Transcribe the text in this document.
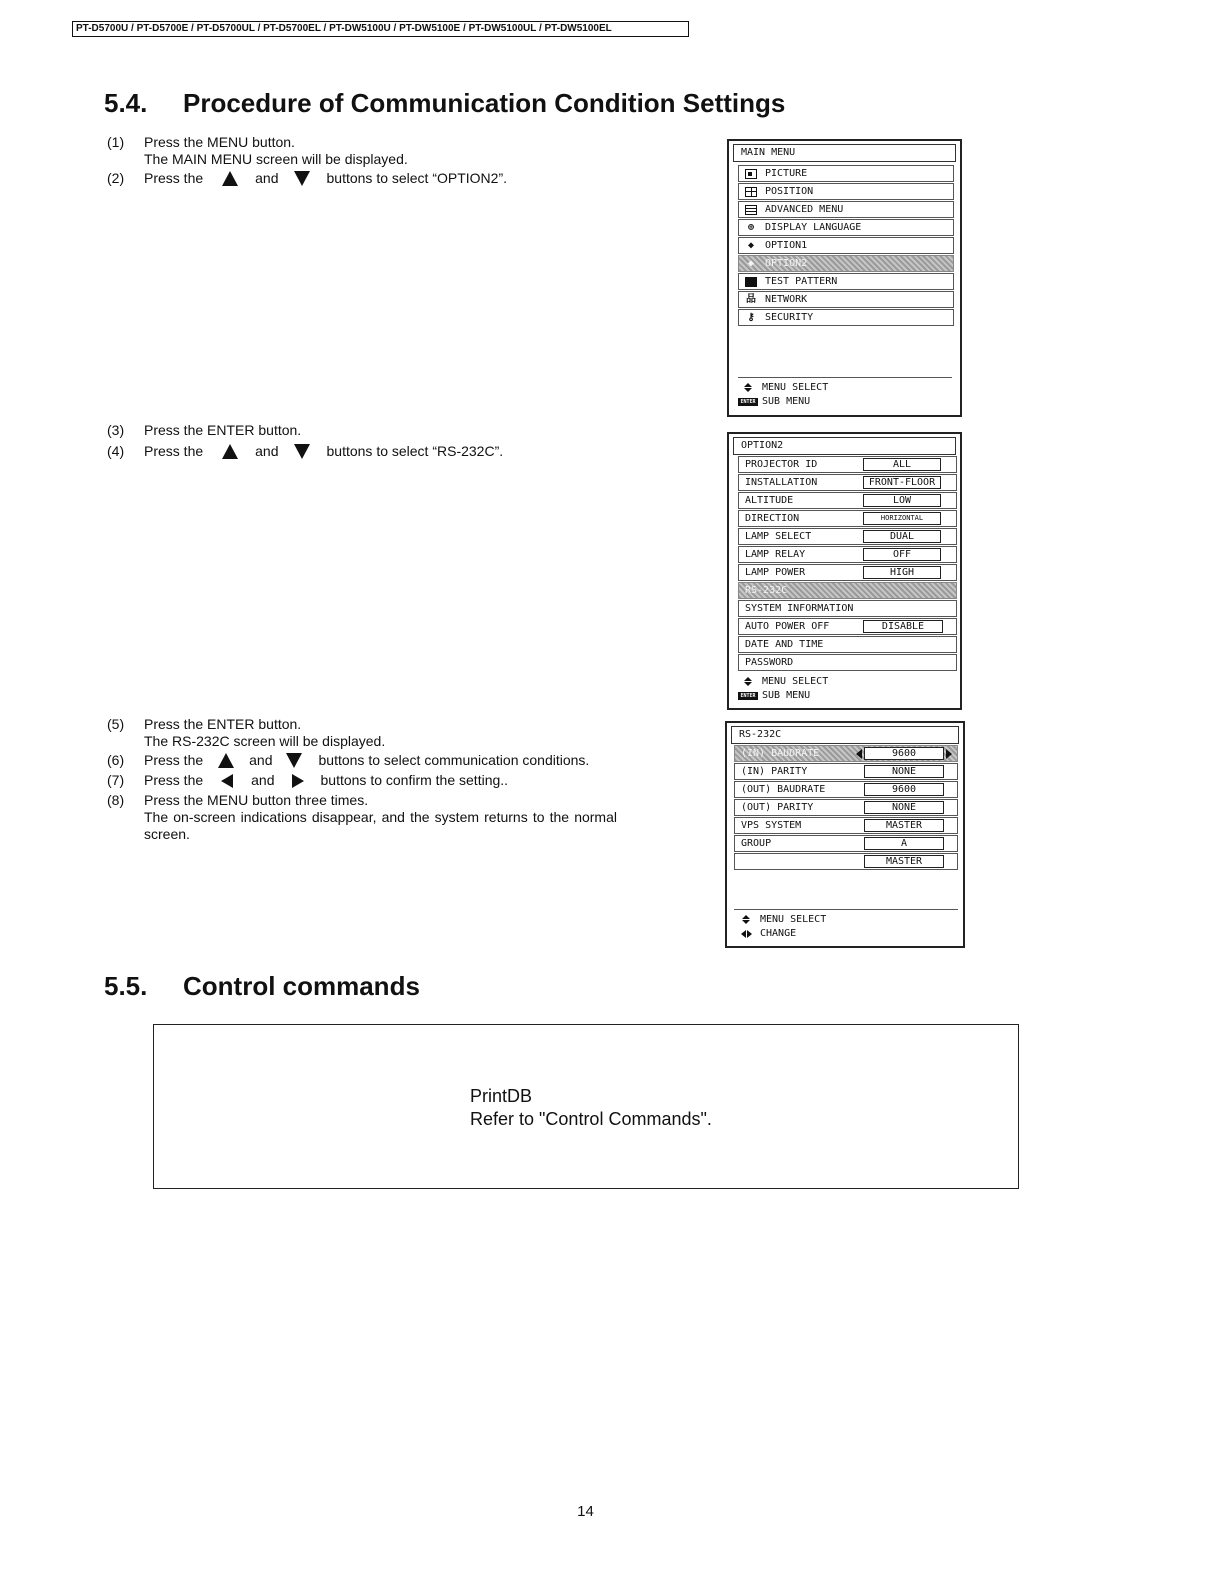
PT-D5700U / PT-D5700E / PT-D5700UL / PT-D5700EL / PT-DW5100U / PT-DW5100E / PT-DW5100UL / PT-DW5100EL
5.4. Procedure of Communication Condition Settings
(1) Press the MENU button.
The MAIN MENU screen will be displayed.
(2) Press the	and	buttons to select “OPTION2”.
(3) Press the ENTER button.
(4) Press the	and	buttons to select “RS-232C”.
(5) Press the ENTER button.
The RS-232C screen will be displayed.
(6) Press the	and	buttons to select communication conditions.
(7) Press the	and	buttons to confirm the setting..
(8) Press the MENU button three times.
The on-screen indications disappear, and the system returns to the normal screen.
MAIN MENU
PICTURE
POSITION
ADVANCED MENU
⊕ DISPLAY LANGUAGE
◆ OPTION1
◆ OPTION2
TEST PATTERN
品 NETWORK
⚷ SECURITY
MENU SELECT
ENTER SUB MENU
OPTION2
PROJECTOR ID	ALL
INSTALLATION	FRONT-FLOOR
ALTITUDE	LOW
DIRECTION	HORIZONTAL
LAMP SELECT	DUAL
LAMP RELAY	OFF
LAMP POWER	HIGH
RS-232C
SYSTEM INFORMATION
AUTO POWER OFF	DISABLE
DATE AND TIME
PASSWORD
MENU SELECT
ENTER SUB MENU
RS-232C
(IN) BAUDRATE	9600
(IN) PARITY	NONE
(OUT) BAUDRATE	9600
(OUT) PARITY	NONE
VPS SYSTEM	MASTER
GROUP	A
MASTER
MENU SELECT
CHANGE
5.5. Control commands
PrintDB
Refer to "Control Commands".
14
